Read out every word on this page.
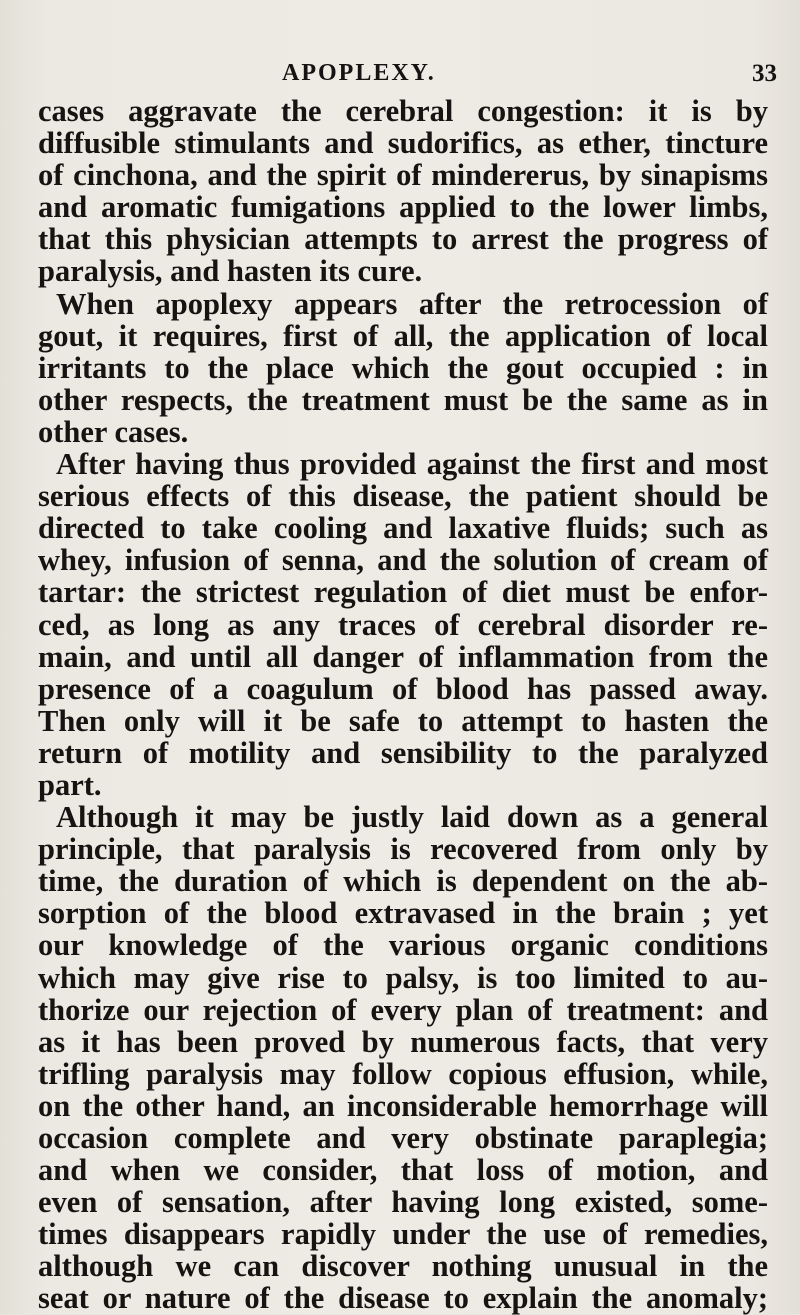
APOPLEXY.	33
cases aggravate the cerebral congestion: it is by
diffusible stimulants and sudorifics, as ether, tincture
of cinchona, and the spirit of mindererus, by sinapisms
and aromatic fumigations applied to the lower limbs,
that this physician attempts to arrest the progress of
paralysis, and hasten its cure.
When apoplexy appears after the retrocession of
gout, it requires, first of all, the application of local
irritants to the place which the gout occupied : in
other respects, the treatment must be the same as in
other cases.
After having thus provided against the first and most
serious effects of this disease, the patient should be
directed to take cooling and laxative fluids; such as
whey, infusion of senna, and the solution of cream of
tartar: the strictest regulation of diet must be enfor-
ced, as long as any traces of cerebral disorder re-
main, and until all danger of inflammation from the
presence of a coagulum of blood has passed away.
Then only will it be safe to attempt to hasten the
return of motility and sensibility to the paralyzed
part.
Although it may be justly laid down as a general
principle, that paralysis is recovered from only by
time, the duration of which is dependent on the ab-
sorption of the blood extravased in the brain ; yet
our knowledge of the various organic conditions
which may give rise to palsy, is too limited to au-
thorize our rejection of every plan of treatment: and
as it has been proved by numerous facts, that very
trifling paralysis may follow copious effusion, while,
on the other hand, an inconsiderable hemorrhage will
occasion complete and very obstinate paraplegia;
and when we consider, that loss of motion, and
even of sensation, after having long existed, some-
times disappears rapidly under the use of remedies,
although we can discover nothing unusual in the
seat or nature of the disease to explain the anomaly;
